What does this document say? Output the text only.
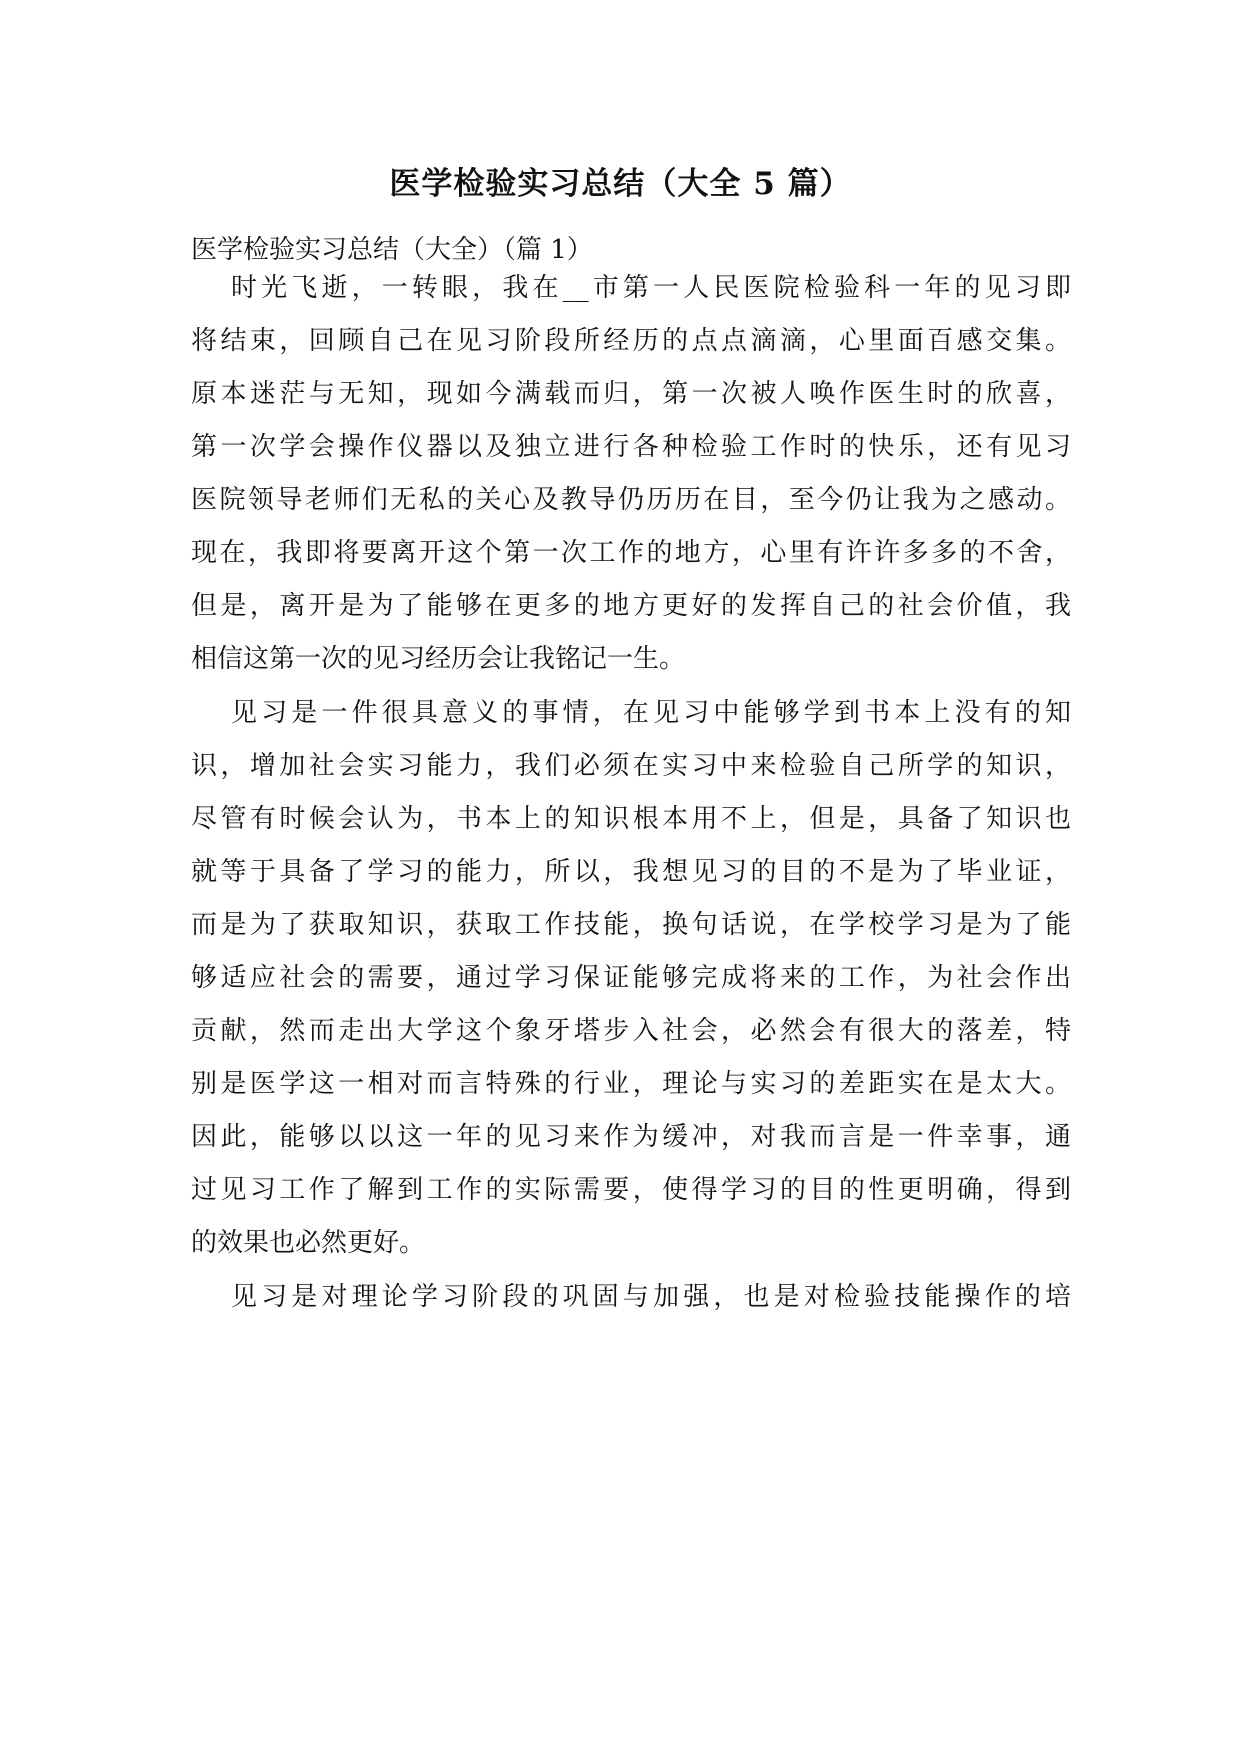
医学检验实习总结（大全 5 篇）

医学检验实习总结（大全）（篇 1）

时光飞逝，一转眼，我在__市第一人民医院检验科一年的见习即

将结束，回顾自己在见习阶段所经历的点点滴滴，心里面百感交集。

原本迷茫与无知，现如今满载而归，第一次被人唤作医生时的欣喜，

第一次学会操作仪器以及独立进行各种检验工作时的快乐，还有见习

医院领导老师们无私的关心及教导仍历历在目，至今仍让我为之感动。

现在，我即将要离开这个第一次工作的地方，心里有许许多多的不舍，

但是，离开是为了能够在更多的地方更好的发挥自己的社会价值，我

相信这第一次的见习经历会让我铭记一生。

见习是一件很具意义的事情，在见习中能够学到书本上没有的知

识，增加社会实习能力，我们必须在实习中来检验自己所学的知识，

尽管有时候会认为，书本上的知识根本用不上，但是，具备了知识也

就等于具备了学习的能力，所以，我想见习的目的不是为了毕业证，

而是为了获取知识，获取工作技能，换句话说，在学校学习是为了能

够适应社会的需要，通过学习保证能够完成将来的工作，为社会作出

贡献，然而走出大学这个象牙塔步入社会，必然会有很大的落差，特

别是医学这一相对而言特殊的行业，理论与实习的差距实在是太大。

因此，能够以以这一年的见习来作为缓冲，对我而言是一件幸事，通

过见习工作了解到工作的实际需要，使得学习的目的性更明确，得到

的效果也必然更好。

见习是对理论学习阶段的巩固与加强，也是对检验技能操作的培
